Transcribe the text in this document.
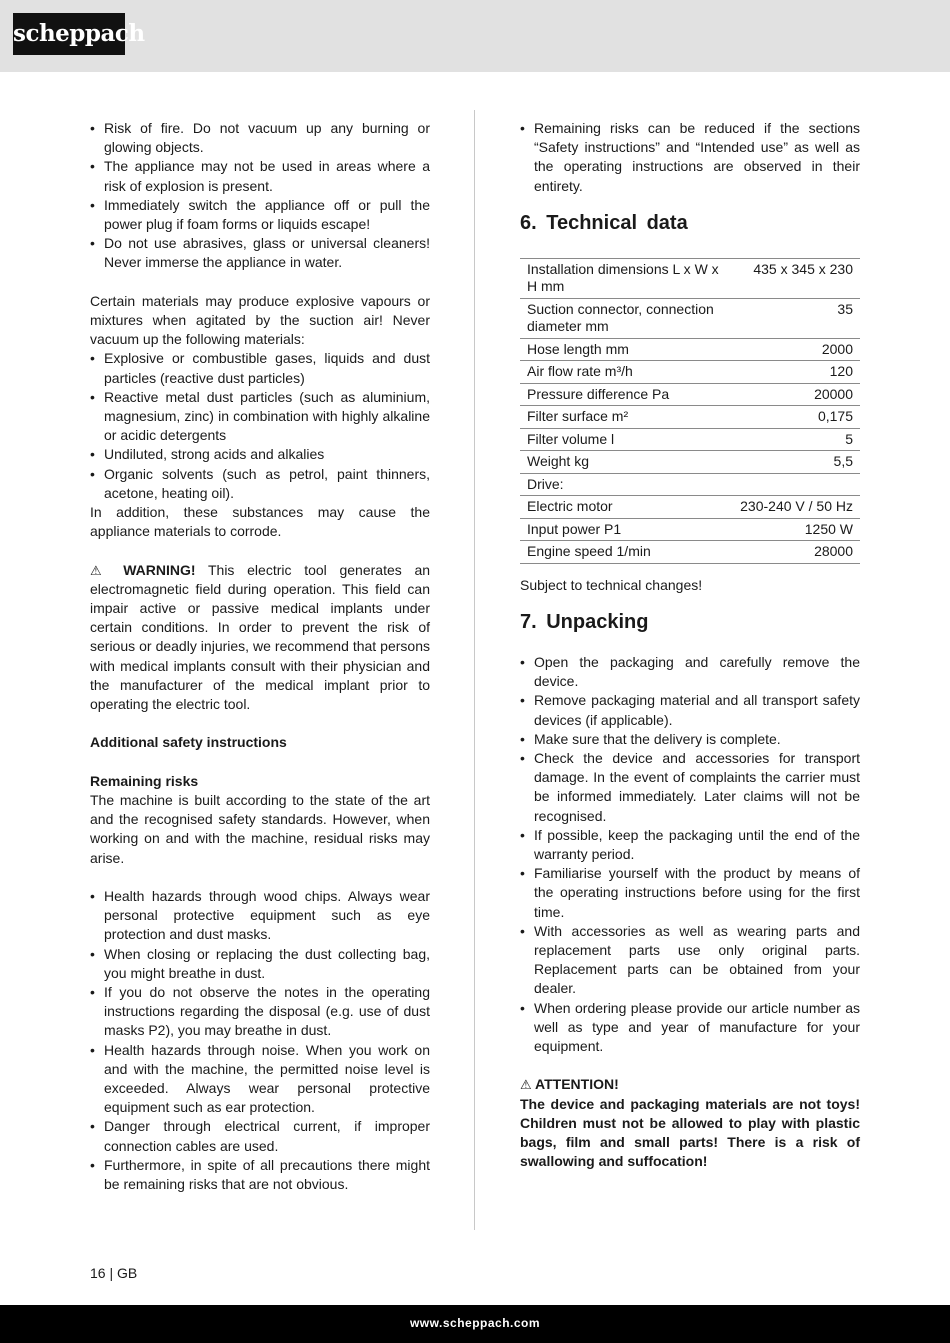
scheppach
• Risk of fire. Do not vacuum up any burning or glowing objects.
• The appliance may not be used in areas where a risk of explosion is present.
• Immediately switch the appliance off or pull the power plug if foam forms or liquids escape!
• Do not use abrasives, glass or universal cleaners! Never immerse the appliance in water.

Certain materials may produce explosive vapours or mixtures when agitated by the suction air! Never vacuum up the following materials:

• Explosive or combustible gases, liquids and dust particles (reactive dust particles)
• Reactive metal dust particles (such as aluminium, magnesium, zinc) in combination with highly alkaline or acidic detergents
• Undiluted, strong acids and alkalies
• Organic solvents (such as petrol, paint thinners, acetone, heating oil).

In addition, these substances may cause the appliance materials to corrode.

⚠ WARNING! This electric tool generates an electromagnetic field during operation. This field can impair active or passive medical implants under certain conditions. In order to prevent the risk of serious or deadly injuries, we recommend that persons with medical implants consult with their physician and the manufacturer of the medical implant prior to operating the electric tool.

Additional safety instructions

Remaining risks

The machine is built according to the state of the art and the recognised safety standards. However, when working on and with the machine, residual risks may arise.

• Health hazards through wood chips. Always wear personal protective equipment such as eye protection and dust masks.
• When closing or replacing the dust collecting bag, you might breathe in dust.
• If you do not observe the notes in the operating instructions regarding the disposal (e.g. use of dust masks P2), you may breathe in dust.
• Health hazards through noise. When you work on and with the machine, the permitted noise level is exceeded. Always wear personal protective equipment such as ear protection.
• Danger through electrical current, if improper connection cables are used.
• Furthermore, in spite of all precautions there might be remaining risks that are not obvious.
• Remaining risks can be reduced if the sections “Safety instructions” and “Intended use” as well as the operating instructions are observed in their entirety.
6. Technical data
Installation dimensions L x W x H mm	435 x 345 x 230
Suction connector, connection diameter mm	35
Hose length mm	2000
Air flow rate m³/h	120
Pressure difference Pa	20000
Filter surface m²	0,175
Filter volume l	5
Weight kg	5,5
Drive:	
Electric motor	230-240 V / 50 Hz
Input power P1	1250 W
Engine speed 1/min	28000

Subject to technical changes!

7. Unpacking
• Open the packaging and carefully remove the device.
• Remove packaging material and all transport safety devices (if applicable).
• Make sure that the delivery is complete.
• Check the device and accessories for transport damage. In the event of complaints the carrier must be informed immediately. Later claims will not be recognised.
• If possible, keep the packaging until the end of the warranty period.
• Familiarise yourself with the product by means of the operating instructions before using for the first time.
• With accessories as well as wearing parts and replacement parts use only original parts. Replacement parts can be obtained from your dealer.
• When ordering please provide our article number as well as type and year of manufacture for your equipment.

⚠ ATTENTION!

The device and packaging materials are not toys! Children must not be allowed to play with plastic bags, film and small parts! There is a risk of swallowing and suffocation!

16 | GB
www.scheppach.com
